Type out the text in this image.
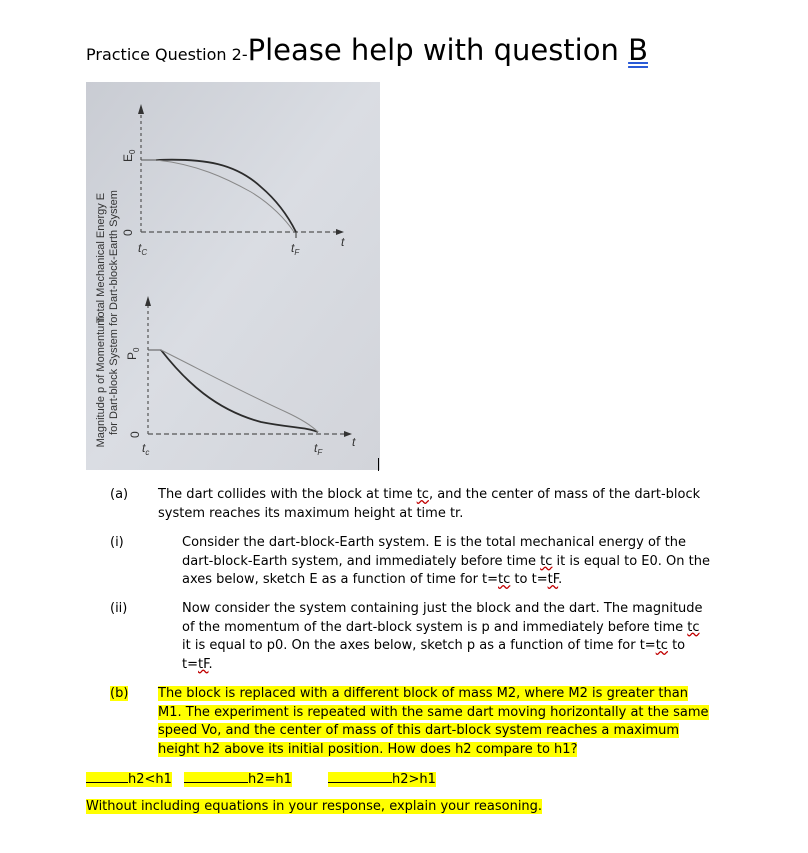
Practice Question 2-Please help with question B
Total Mechanical Energy E for Dart-block-Earth System
$E_0$
0
$t_C$	$t_F$
t
Magnitude p of Momentum for Dart-block System $P_0$
0
$t_c$	$t_F$
t
(a) The dart collides with the block at time tc, and the center of mass of the dart-block system reaches its maximum height at time tr.
(i)	Consider the dart-block-Earth system. E is the total mechanical energy of the dart-block-Earth system, and immediately before time tc it is equal to E0. On the axes below, sketch E as a function of time for t=tc to t=tF.
(ii)	Now consider the system containing just the block and the dart. The magnitude of the momentum of the dart-block system is p and immediately before time tc it is equal to p0. On the axes below, sketch p as a function of time for t=tc to t=tF.
(b) The block is replaced with a different block of mass M2, where M2 is greater than M1. The experiment is repeated with the same dart moving horizontally at the same speed Vo, and the center of mass of this dart-block system reaches a maximum height h2 above its initial position. How does h2 compare to h1?
h2<h1	h2=h1	h2>h1
Without including equations in your response, explain your reasoning.
